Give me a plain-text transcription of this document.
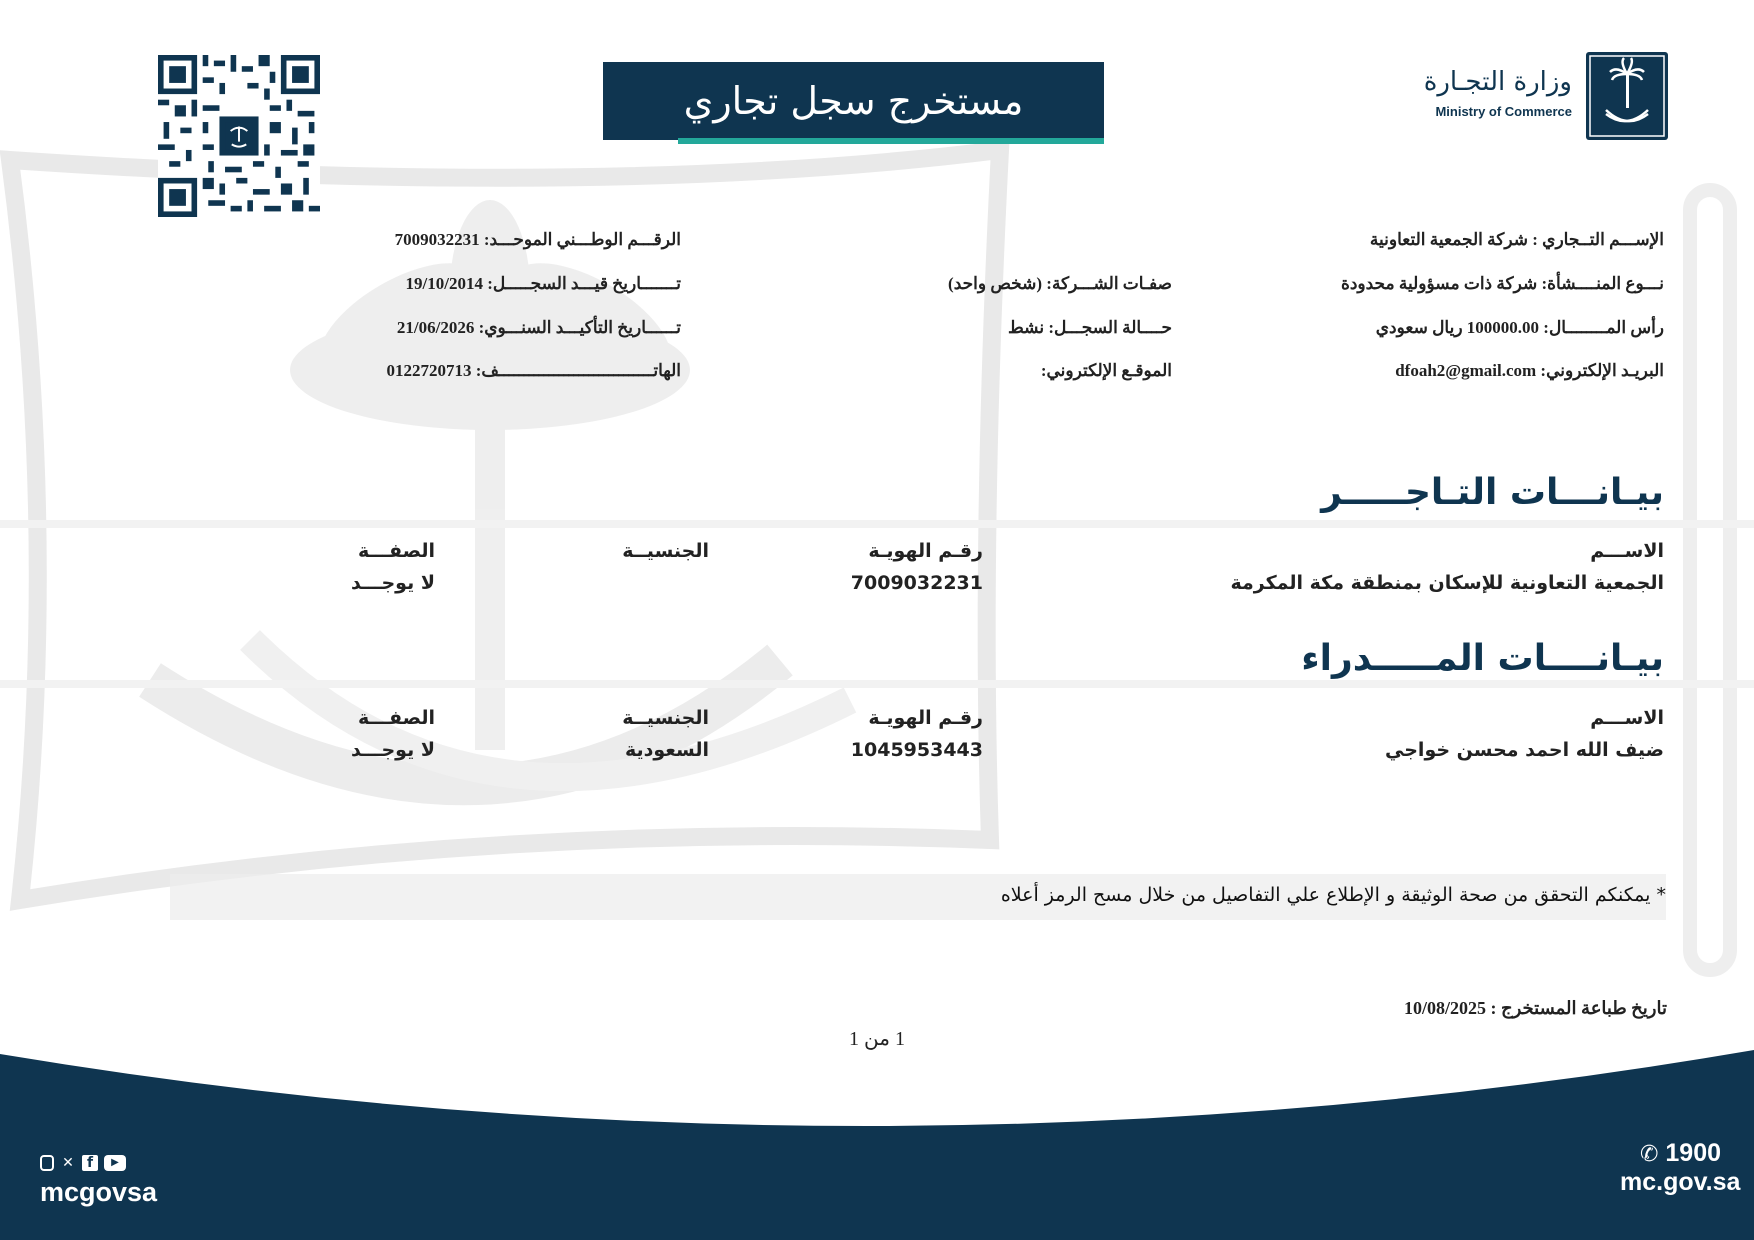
مستخرج سجل تجاري	وزارة التجـارة
Ministry of Commerce
الإســـم التــجاري : شركة الجمعية التعاونية
نـــوع المنــــشأة: شركة ذات مسؤولية محدودة
رأس المــــــــال: 100000.00 ريال سعودي
البريـد الإلكتروني: dfoah2@gmail.com
صفـات الشـــركة: (شخص واحد)
حــــالة السجـــل: نشط
الموقـع الإلكتروني:
الرقـــم الوطـــني الموحـــد: 7009032231
تـــــــاريخ قيـــد السجـــــل: 19/10/2014
تــــــاريخ التأكيـــد السنـــوي: 21/06/2026
الهاتـــــــــــــــــــــــــــــــف: 0122720713
بيـانـــات التـاجـــــر
الاســـم
رقـم الهويـة
الجنسيــة
الصفـــة
الجمعية التعاونية للإسكان بمنطقة مكة المكرمة
7009032231
لا يوجـــد
بيـانــــات المـــــدراء
الاســـم
رقـم الهويـة
الجنسيــة
الصفـــة
ضيف الله احمد محسن خواجي
1045953443
السعودية
لا يوجـــد
* يمكنكم التحقق من صحة الوثيقة و الإطلاع علي التفاصيل من خلال مسح الرمز أعلاه
تاريخ طباعة المستخرج : 10/08/2025
1 من 1
✕ f	▶
mcgovsa
✆ 1900
mc.gov.sa
